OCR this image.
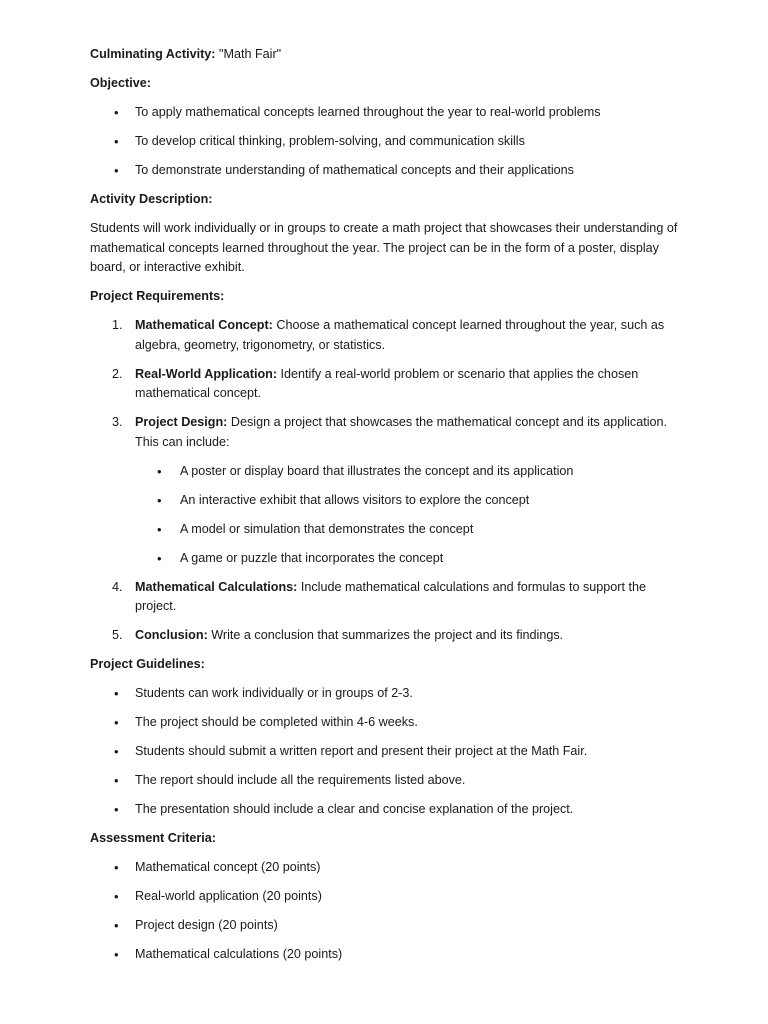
Culminating Activity: "Math Fair"

Objective:

• To apply mathematical concepts learned throughout the year to real-world problems
• To develop critical thinking, problem-solving, and communication skills
• To demonstrate understanding of mathematical concepts and their applications

Activity Description:

Students will work individually or in groups to create a math project that showcases their understanding of mathematical concepts learned throughout the year. The project can be in the form of a poster, display board, or interactive exhibit.

Project Requirements:

1. Mathematical Concept: Choose a mathematical concept learned throughout the year, such as algebra, geometry, trigonometry, or statistics.
2. Real-World Application: Identify a real-world problem or scenario that applies the chosen mathematical concept.
3. Project Design: Design a project that showcases the mathematical concept and its application. This can include:
• A poster or display board that illustrates the concept and its application
• An interactive exhibit that allows visitors to explore the concept
• A model or simulation that demonstrates the concept
• A game or puzzle that incorporates the concept
4. Mathematical Calculations: Include mathematical calculations and formulas to support the project.
5. Conclusion: Write a conclusion that summarizes the project and its findings.

Project Guidelines:

• Students can work individually or in groups of 2-3.
• The project should be completed within 4-6 weeks.
• Students should submit a written report and present their project at the Math Fair.
• The report should include all the requirements listed above.
• The presentation should include a clear and concise explanation of the project.

Assessment Criteria:

• Mathematical concept (20 points)
• Real-world application (20 points)
• Project design (20 points)
• Mathematical calculations (20 points)
